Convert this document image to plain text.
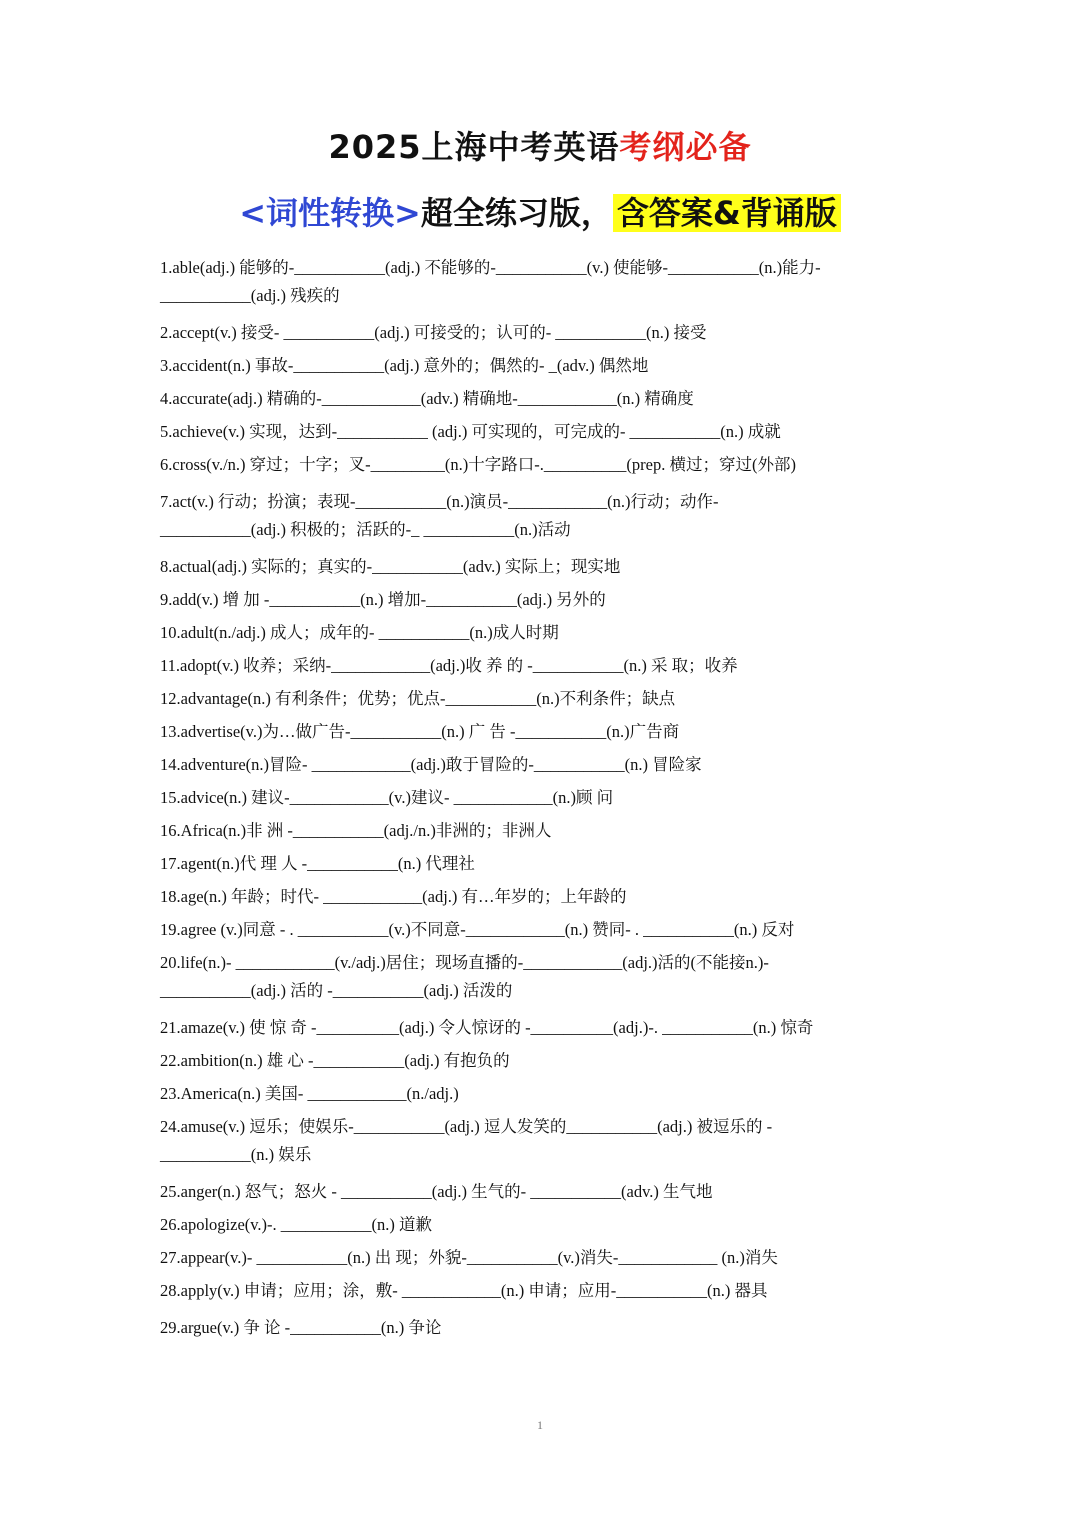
2025上海中考英语考纲必备
<词性转换>超全练习版， 含答案&背诵版

1.able(adj.) 能够的-___________(adj.) 不能够的-___________(v.) 使能够-___________(n.)能力-

___________(adj.) 残疾的

2.accept(v.) 接受- ___________(adj.) 可接受的；认可的- ___________(n.) 接受

3.accident(n.) 事故-___________(adj.) 意外的；偶然的- _(adv.) 偶然地

4.accurate(adj.) 精确的-____________(adv.) 精确地-____________(n.) 精确度

5.achieve(v.) 实现，达到-___________ (adj.) 可实现的，可完成的- ___________(n.) 成就

6.cross(v./n.) 穿过；十字；叉-_________(n.)十字路口-.__________(prep. 横过；穿过(外部)

7.act(v.) 行动；扮演；表现-___________(n.)演员-____________(n.)行动；动作-

___________(adj.) 积极的；活跃的-_ ___________(n.)活动

8.actual(adj.) 实际的；真实的-___________(adv.) 实际上；现实地

9.add(v.) 增 加 -___________(n.) 增加-___________(adj.) 另外的

10.adult(n./adj.) 成人；成年的- ___________(n.)成人时期

11.adopt(v.) 收养；采纳-____________(adj.)收 养 的 -___________(n.) 采 取；收养

12.advantage(n.) 有利条件；优势；优点-___________(n.)不利条件；缺点

13.advertise(v.)为…做广告-___________(n.) 广 告 -___________(n.)广告商

14.adventure(n.)冒险- ____________(adj.)敢于冒险的-___________(n.) 冒险家

15.advice(n.) 建议-____________(v.)建议- ____________(n.)顾 问

16.Africa(n.)非 洲 -___________(adj./n.)非洲的；非洲人

17.agent(n.)代 理 人 -___________(n.) 代理社

18.age(n.) 年龄；时代- ____________(adj.) 有…年岁的；上年龄的

19.agree (v.)同意 - . ___________(v.)不同意-____________(n.) 赞同- . ___________(n.) 反对

20.life(n.)- ____________(v./adj.)居住；现场直播的-____________(adj.)活的(不能接n.)-

___________(adj.) 活的 -___________(adj.) 活泼的

21.amaze(v.) 使 惊 奇 -__________(adj.) 令人惊讶的 -__________(adj.)-. ___________(n.) 惊奇

22.ambition(n.) 雄 心 -___________(adj.) 有抱负的

23.America(n.) 美国- ____________(n./adj.)

24.amuse(v.) 逗乐；使娱乐-___________(adj.) 逗人发笑的___________(adj.) 被逗乐的 -

___________(n.) 娱乐

25.anger(n.) 怒气；怒火 - ___________(adj.) 生气的- ___________(adv.) 生气地

26.apologize(v.)-. ___________(n.) 道歉

27.appear(v.)- ___________(n.) 出 现；外貌-___________(v.)消失-____________ (n.)消失

28.apply(v.) 申请；应用；涂，敷- ____________(n.) 申请；应用-___________(n.) 器具

29.argue(v.) 争 论 -___________(n.) 争论

1
